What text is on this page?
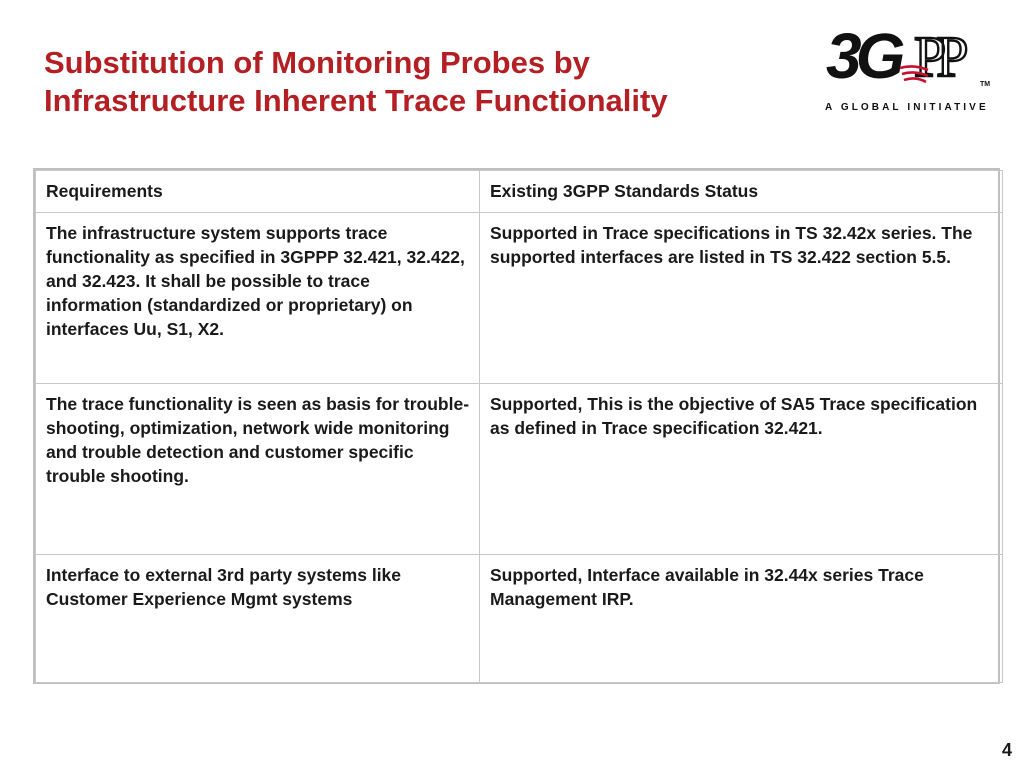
Substitution of Monitoring Probes by
Infrastructure Inherent Trace Functionality
3G PP	TM
A GLOBAL INITIATIVE
Requirements	Existing 3GPP Standards Status
The infrastructure system supports trace functionality as specified in 3GPPP 32.421, 32.422, and 32.423. It shall be possible to trace information (standardized or proprietary) on interfaces Uu, S1, X2.	Supported in Trace specifications in TS 32.42x series. The supported interfaces are listed in TS 32.422 section 5.5.
The trace functionality is seen as basis for trouble-shooting, optimization, network wide monitoring and trouble detection and customer specific trouble shooting.	Supported, This is the objective of SA5 Trace specification as defined in Trace specification 32.421.
Interface to external 3rd party systems like Customer Experience Mgmt systems	Supported, Interface available in 32.44x series Trace Management IRP.
4
